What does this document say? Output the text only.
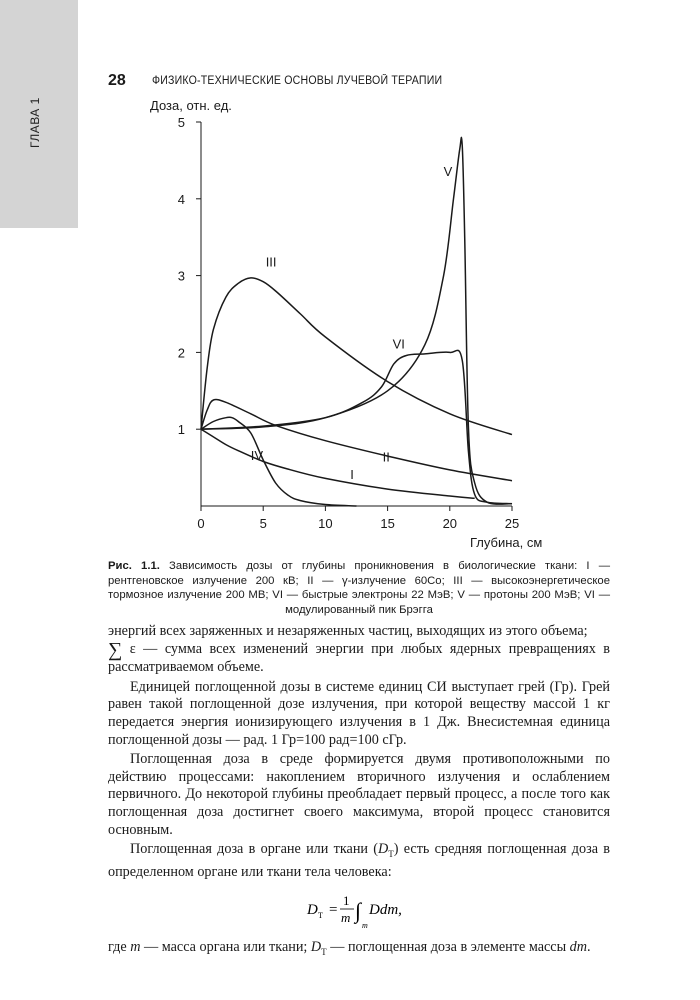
ГЛАВА 1
28 ФИЗИКО-ТЕХНИЧЕСКИЕ ОСНОВЫ ЛУЧЕВОЙ ТЕРАПИИ
Доза, отн. ед.
Глубина, см
1
2
3
4
5
0	5	10	15	20	25
I
II
III
IV
V
VI
Рис. 1.1. Зависимость дозы от глубины проникновения в биологические ткани: I — рентгеновское излучение 200 кВ; II — γ-излучение 60Со; III — высокоэнергетическое тормозное излучение 200 МВ; VI — быстрые электроны 22 МэВ; V — протоны 200 МэВ; VI — модулированный пик Брэгга

энергий всех заряженных и незаряженных частиц, выходящих из этого объема;

∑ ε — сумма всех изменений энергии при любых ядерных превращениях в рассматриваемом объеме.

Единицей поглощенной дозы в системе единиц СИ выступает грей (Гр). Грей равен такой поглощенной дозе излучения, при которой веществу массой 1 кг передается энергия ионизирующего излучения в 1 Дж. Внесистемная единица поглощенной дозы — рад. 1 Гр=100 рад=100 сГр.

Поглощенная доза в среде формируется двумя противоположными по действию процессами: накоплением вторичного излучения и ослаблением первичного. До некоторой глубины преобладает первый процесс, а после того как поглощенная доза достигнет своего максимума, второй процесс становится основным.

Поглощенная доза в органе или ткани $(D_T)$ есть средняя поглощенная доза в определенном органе или ткани тела человека:

D T =
1
m ∫
m
Ddm,

где m — масса органа или ткани; $D_T$ — поглощенная доза в элементе массы dm.
